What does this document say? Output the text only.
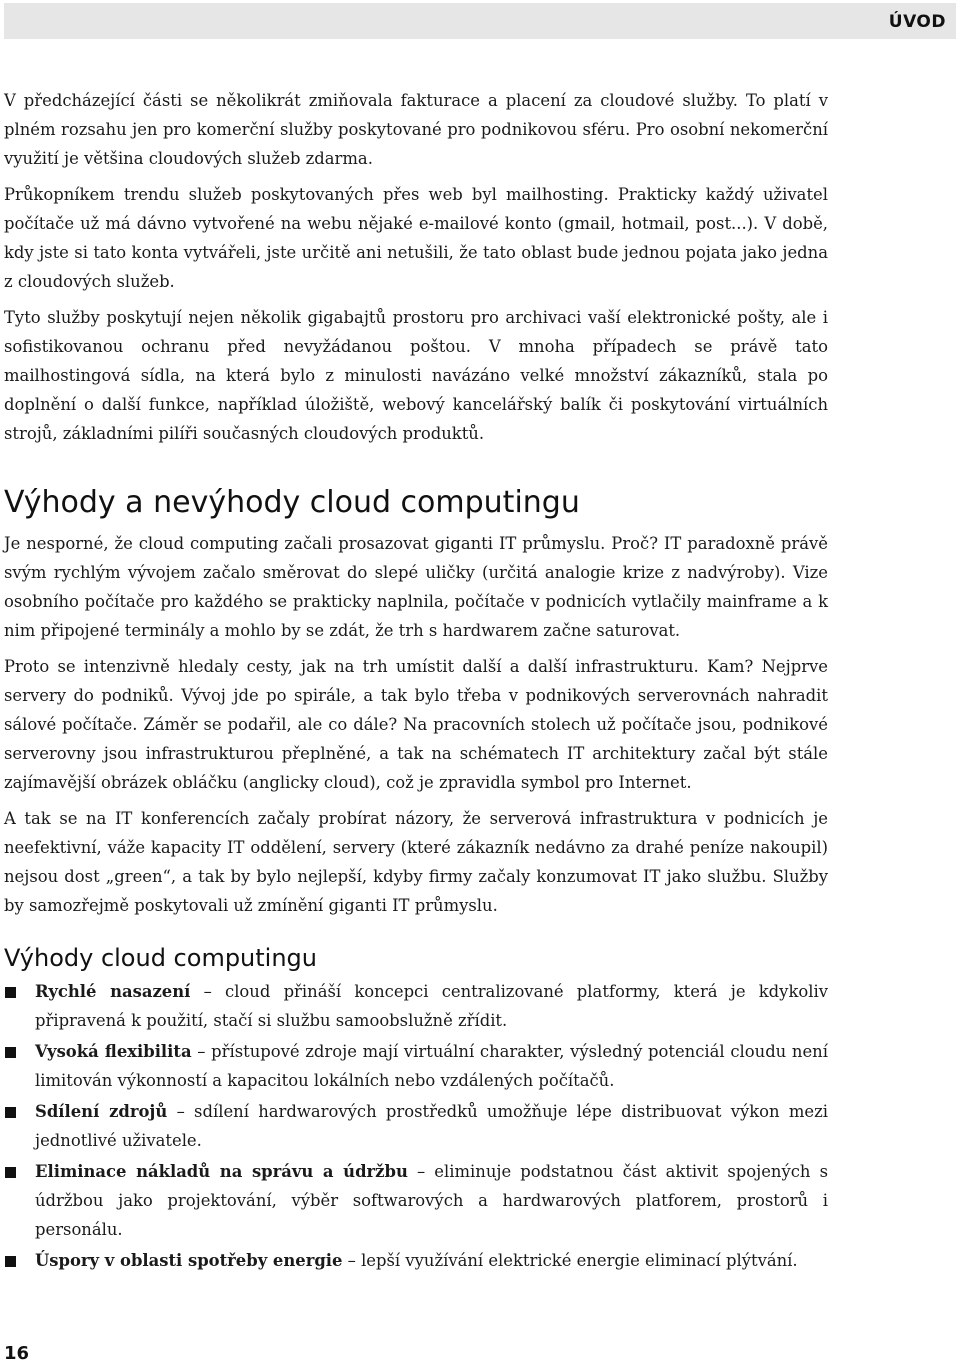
ÚVOD

V předcházející části se několikrát zmiňovala fakturace a placení za cloudové služby. To platí v plném rozsahu jen pro komerční služby poskytované pro podnikovou sféru. Pro osobní nekomerční využití je většina cloudových služeb zdarma.

Průkopníkem trendu služeb poskytovaných přes web byl mailhosting. Prakticky každý uživatel počítače už má dávno vytvořené na webu nějaké e-mailové konto (gmail, hotmail, post...). V době, kdy jste si tato konta vytvářeli, jste určitě ani netušili, že tato oblast bude jednou pojata jako jedna z cloudových služeb.

Tyto služby poskytují nejen několik gigabajtů prostoru pro archivaci vaší elektronické pošty, ale i sofistikovanou ochranu před nevyžádanou poštou. V mnoha případech se právě tato mailhostingová sídla, na která bylo z minulosti navázáno velké množství zákazníků, stala po doplnění o další funkce, například úložiště, webový kancelářský balík či poskytování virtuálních strojů, základními pilíři současných cloudových produktů.

Výhody a nevýhody cloud computingu

Je nesporné, že cloud computing začali prosazovat giganti IT průmyslu. Proč? IT paradoxně právě svým rychlým vývojem začalo směrovat do slepé uličky (určitá analogie krize z nadvýroby). Vize osobního počítače pro každého se prakticky naplnila, počítače v podnicích vytlačily mainframe a k nim připojené terminály a mohlo by se zdát, že trh s hardwarem začne saturovat.

Proto se intenzivně hledaly cesty, jak na trh umístit další a další infrastrukturu. Kam? Nejprve servery do podniků. Vývoj jde po spirále, a tak bylo třeba v podnikových serverovnách nahradit sálové počítače. Záměr se podařil, ale co dále? Na pracovních stolech už počítače jsou, podnikové serverovny jsou infrastrukturou přeplněné, a tak na schématech IT architektury začal být stále zajímavější obrázek obláčku (anglicky cloud), což je zpravidla symbol pro Internet.

A tak se na IT konferencích začaly probírat názory, že serverová infrastruktura v podnicích je neefektivní, váže kapacity IT oddělení, servery (které zákazník nedávno za drahé peníze nakoupil) nejsou dost „green“, a tak by bylo nejlepší, kdyby firmy začaly konzumovat IT jako službu. Služby by samozřejmě poskytovali už zmínění giganti IT průmyslu.

Výhody cloud computingu
Rychlé nasazení – cloud přináší koncepci centralizované platformy, která je kdykoliv připravená k použití, stačí si službu samoobslužně zřídit.
Vysoká flexibilita – přístupové zdroje mají virtuální charakter, výsledný potenciál cloudu není limitován výkonností a kapacitou lokálních nebo vzdálených počítačů.
Sdílení zdrojů – sdílení hardwarových prostředků umožňuje lépe distribuovat výkon mezi jednotlivé uživatele.
Eliminace nákladů na správu a údržbu – eliminuje podstatnou část aktivit spojených s údržbou jako projektování, výběr softwarových a hardwarových platforem, prostorů i personálu.
Úspory v oblasti spotřeby energie – lepší využívání elektrické energie eliminací plýtvání.
16
